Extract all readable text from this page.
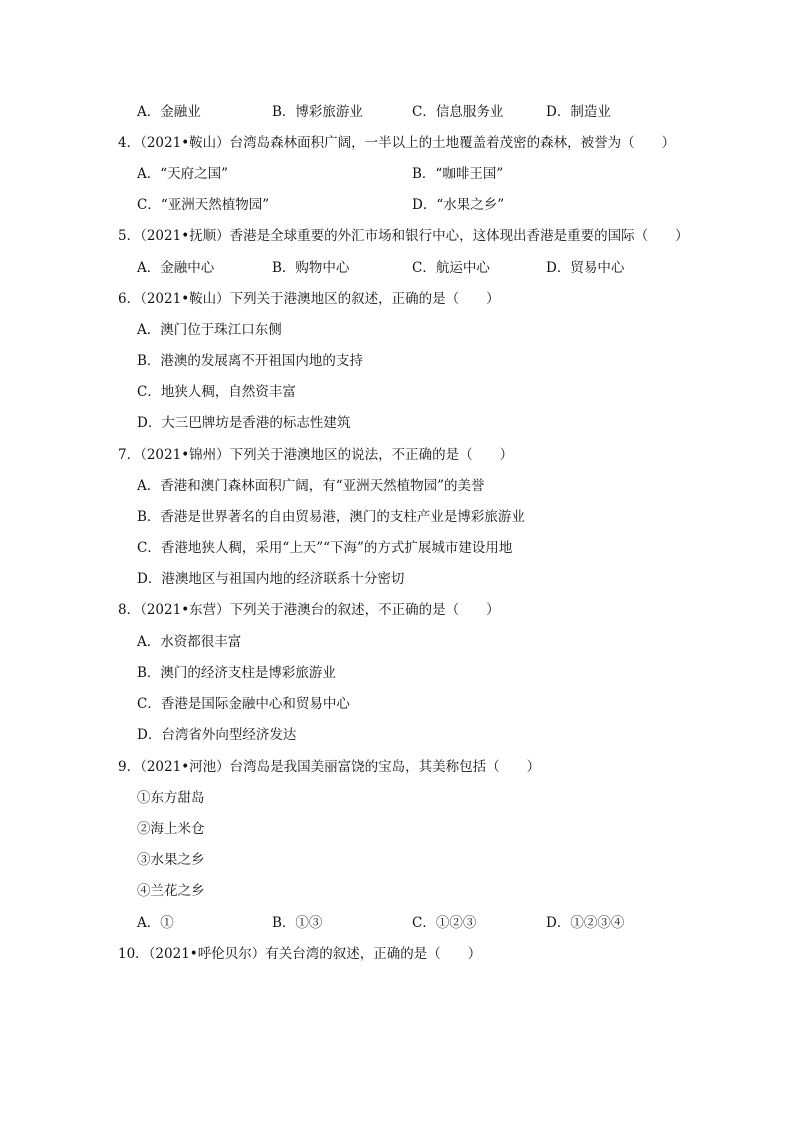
A．金融业	B．博彩旅游业	C．信息服务业	D．制造业
4．（2021•鞍山）台湾岛森林面积广阔，一半以上的土地覆盖着茂密的森林，被誉为（　　）
A．“天府之国”	B．“咖啡王国”
C．“亚洲天然植物园”	D．“水果之乡”
5．（2021•抚顺）香港是全球重要的外汇市场和银行中心，这体现出香港是重要的国际（　　）
A．金融中心	B．购物中心	C．航运中心	D．贸易中心
6．（2021•鞍山）下列关于港澳地区的叙述，正确的是（　　）
A．澳门位于珠江口东侧
B．港澳的发展离不开祖国内地的支持
C．地狭人稠，自然资丰富
D．大三巴牌坊是香港的标志性建筑
7．（2021•锦州）下列关于港澳地区的说法，不正确的是（　　）
A．香港和澳门森林面积广阔，有“亚洲天然植物园”的美誉
B．香港是世界著名的自由贸易港，澳门的支柱产业是博彩旅游业
C．香港地狭人稠，采用“上天”“下海”的方式扩展城市建设用地
D．港澳地区与祖国内地的经济联系十分密切
8．（2021•东营）下列关于港澳台的叙述，不正确的是（　　）
A．水资都很丰富
B．澳门的经济支柱是博彩旅游业
C．香港是国际金融中心和贸易中心
D．台湾省外向型经济发达
9．（2021•河池）台湾岛是我国美丽富饶的宝岛，其美称包括（　　）
①东方甜岛
②海上米仓
③水果之乡
④兰花之乡
A．①	B．①③	C．①②③	D．①②③④
10．（2021•呼伦贝尔）有关台湾的叙述，正确的是（　　）
